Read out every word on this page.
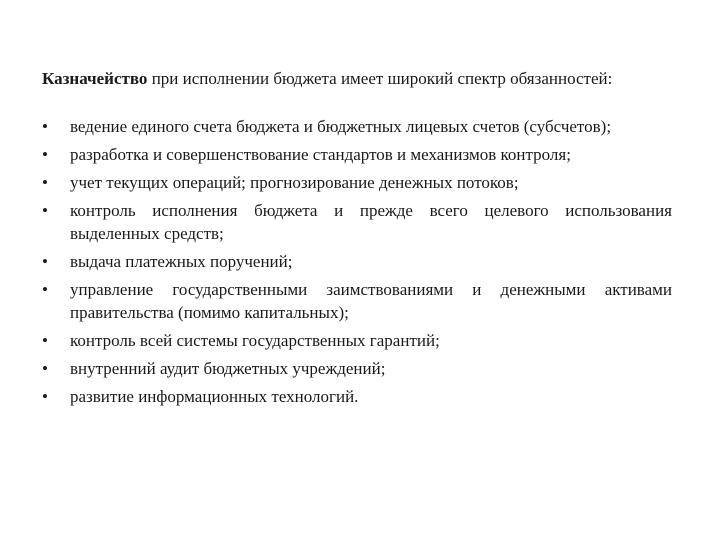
Казначейство при исполнении бюджета имеет широкий спектр обязанностей:

•	ведение единого счета бюджета и бюджетных лицевых счетов (субсчетов);
•	разработка и совершенствование стандартов и механизмов контроля;
•	учет текущих операций; прогнозирование денежных потоков;
•	контроль исполнения бюджета и прежде всего целевого использования выделенных средств;
•	выдача платежных поручений;
•	управление государственными заимствованиями и денежными активами правительства (помимо капитальных);
•	контроль всей системы государственных гарантий;
•	внутренний аудит бюджетных учреждений;
•	развитие информационных технологий.
